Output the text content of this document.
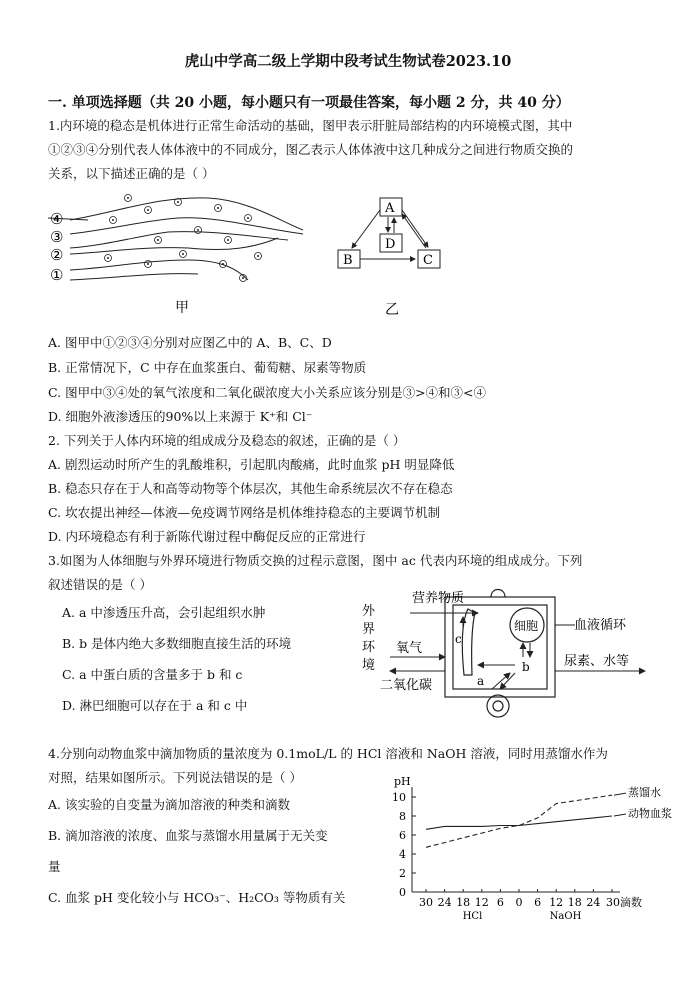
虎山中学高二级上学期中段考试生物试卷2023.10
一. 单项选择题（共 20 小题，每小题只有一项最佳答案，每小题 2 分，共 40 分）
1.内环境的稳态是机体进行正常生命活动的基础，图甲表示肝脏局部结构的内环境模式图，其中
①②③④分别代表人体体液中的不同成分，图乙表示人体体液中这几种成分之间进行物质交换的
关系，以下描述正确的是（ ）
④
③
②
①
甲
A
D
B	C
乙
A. 图甲中①②③④分别对应图乙中的 A、B、C、D
B. 正常情况下，C 中存在血浆蛋白、葡萄糖、尿素等物质
C. 图甲中③④处的氧气浓度和二氧化碳浓度大小关系应该分别是③>④和③<④
D. 细胞外液渗透压的90%以上来源于 K⁺和 Cl⁻
2. 下列关于人体内环境的组成成分及稳态的叙述，正确的是（ ）
A. 剧烈运动时所产生的乳酸堆积，引起肌肉酸痛，此时血浆 pH 明显降低
B. 稳态只存在于人和高等动物等个体层次，其他生命系统层次不存在稳态
C. 坎农提出神经—体液—免疫调节网络是机体维持稳态的主要调节机制
D. 内环境稳态有利于新陈代谢过程中酶促反应的正常进行
3.如图为人体细胞与外界环境进行物质交换的过程示意图，图中 ac 代表内环境的组成成分。下列
叙述错误的是（ ）
A. a 中渗透压升高，会引起组织水肿
B. b 是体内绝大多数细胞直接生活的环境
C. a 中蛋白质的含量多于 b 和 c
D. 淋巴细胞可以存在于 a 和 c 中
营养物质
外
界
环
境
氧气
二氧化碳
细胞	血液循环
尿素、水等
b
a
c
4.分别向动物血浆中滴加物质的量浓度为 0.1moL/L 的 HCl 溶液和 NaOH 溶液，同时用蒸馏水作为
对照，结果如图所示。下列说法错误的是（ ）
A. 该实验的自变量为滴加溶液的种类和滴数
B. 滴加溶液的浓度、血浆与蒸馏水用量属于无关变
量
C. 血浆 pH 变化较小与 HCO₃⁻、H₂CO₃ 等物质有关	0
2
4
6
8
10
30 24 18 12 6 0 6 12 18 24 30滴数
pH
HCl	NaOH
蒸馏水
动物血浆
